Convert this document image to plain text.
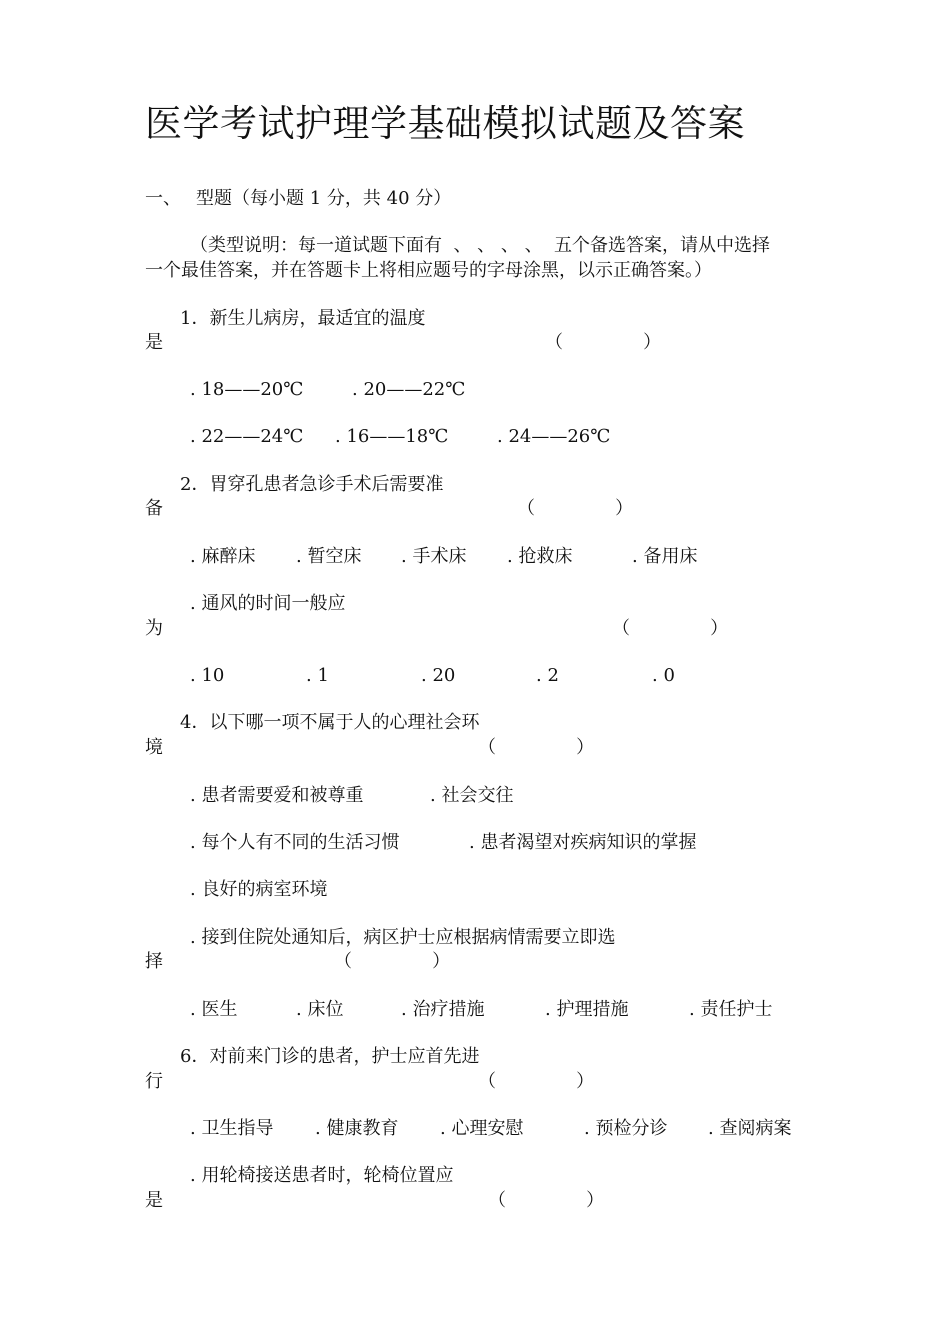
医学考试护理学基础模拟试题及答案
一、 型题（每小题 1 分，共 40 分）
（类型说明：每一道试题下面有  、 、 、 、  五个备选答案，请从中选择
一个最佳答案，并在答题卡上将相应题号的字母涂黑，以示正确答案。）
1．新生儿病房，最适宜的温度
是	（              ）
. 18——20℃	. 20——22℃
. 22——24℃ . 16——18℃	. 24——26℃
2．胃穿孔患者急诊手术后需要准
备	（              ）
. 麻醉床 . 暂空床 . 手术床 . 抢救床	. 备用床
. 通风的时间一般应
为	（              ）
. 10	. 1	. 20	. 2	. 0
4．以下哪一项不属于人的心理社会环
境	（              ）
. 患者需要爱和被尊重	. 社会交往
. 每个人有不同的生活习惯	. 患者渴望对疾病知识的掌握
. 良好的病室环境
. 接到住院处通知后，病区护士应根据病情需要立即选
择	（              ）
. 医生	. 床位	. 治疗措施	. 护理措施	. 责任护士
6．对前来门诊的患者，护士应首先进
行	（              ）
. 卫生指导 . 健康教育 . 心理安慰	. 预检分诊 . 查阅病案
. 用轮椅接送患者时，轮椅位置应
是	（              ）
